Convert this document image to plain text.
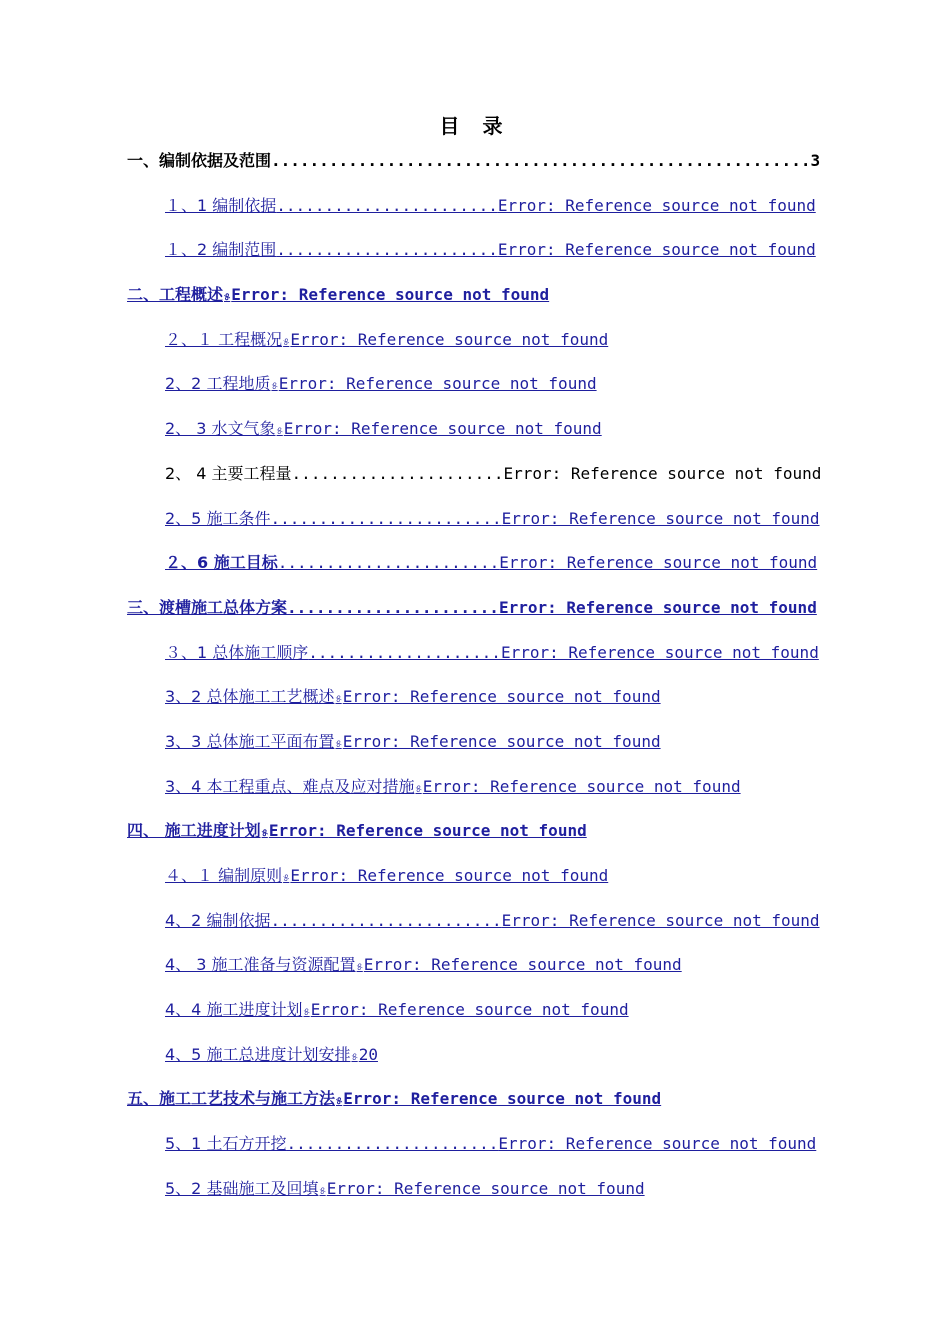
目 录
一、编制依据及范围........................................................3
１、1 编制依据.......................Error: Reference source not found
１、2 编制范围.......................Error: Reference source not found
二、工程概述୫Error: Reference source not found
２、１ 工程概况୫Error: Reference source not found
2、2 工程地质୫Error: Reference source not found
2、 3 水文气象୫Error: Reference source not found
2、 4 主要工程量......................Error: Reference source not found
2、5 施工条件........................Error: Reference source not found
２、6 施工目标.......................Error: Reference source not found
三、渡槽施工总体方案......................Error: Reference source not found
３、1 总体施工顺序....................Error: Reference source not found
3、2 总体施工工艺概述୫Error: Reference source not found
3、3 总体施工平面布置୫Error: Reference source not found
3、4 本工程重点、难点及应对措施୫Error: Reference source not found
四、 施工进度计划୫Error: Reference source not found
４、１ 编制原则୫Error: Reference source not found
4、2 编制依据........................Error: Reference source not found
4、 3 施工准备与资源配置୫Error: Reference source not found
4、4 施工进度计划୫Error: Reference source not found
4、5 施工总进度计划安排୫20
五、施工工艺技术与施工方法୫Error: Reference source not found
5、1 土石方开挖......................Error: Reference source not found
5、2 基础施工及回填୫Error: Reference source not found
